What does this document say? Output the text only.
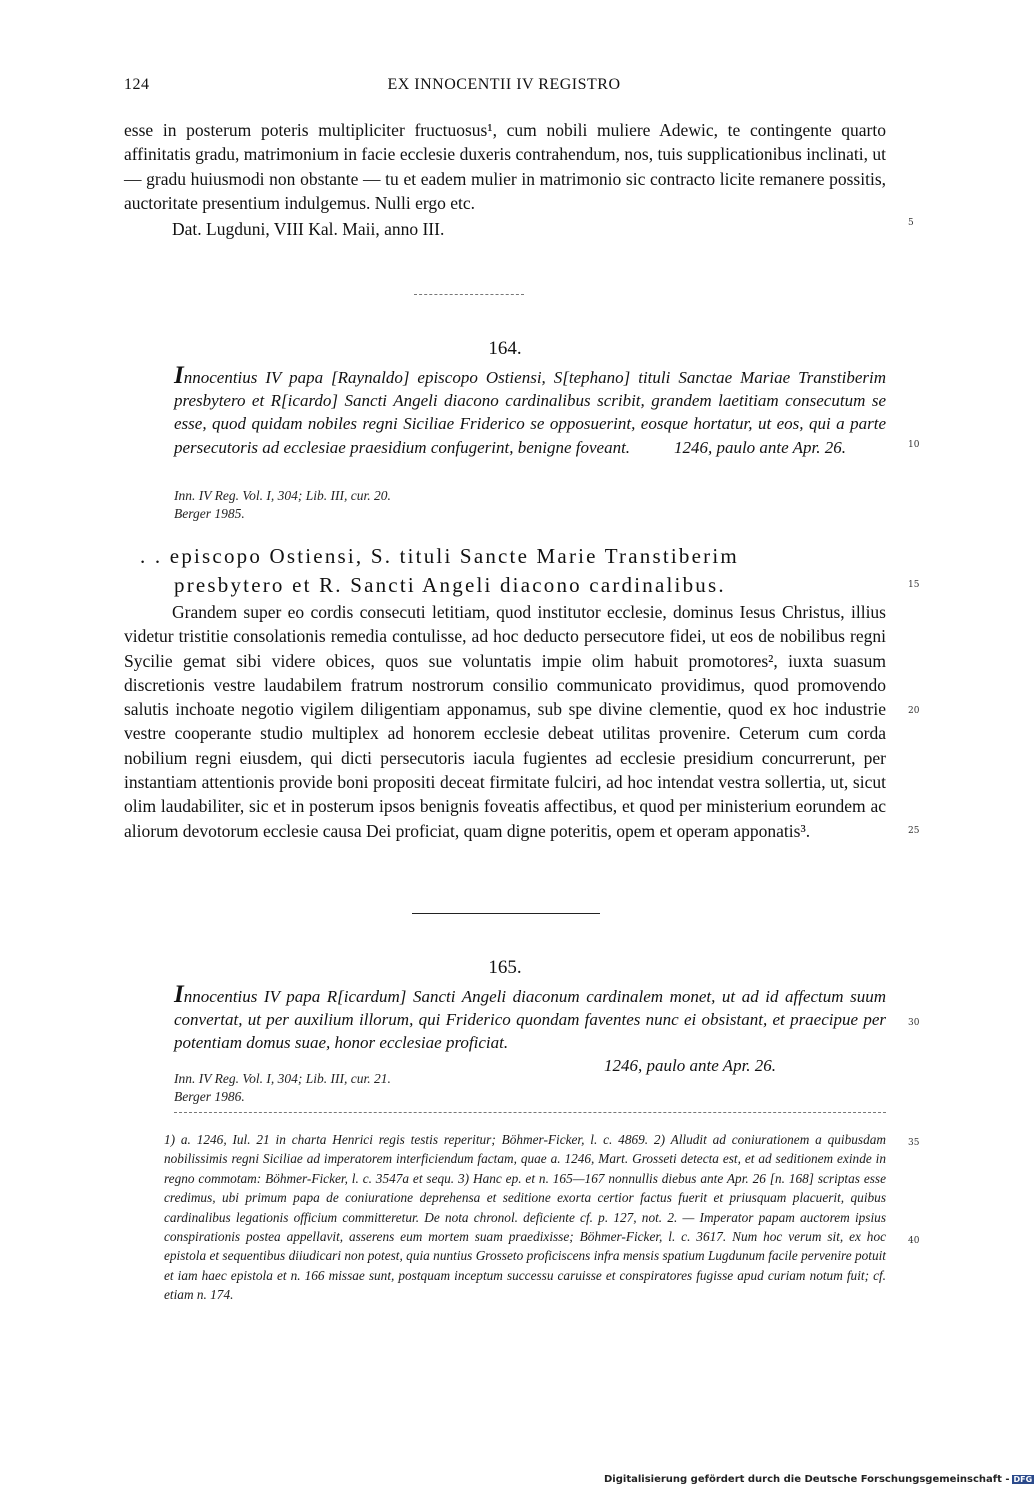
124	EX INNOCENTII IV REGISTRO

esse in posterum poteris multipliciter fructuosus¹, cum nobili muliere Adewic, te contingente quarto affinitatis gradu, matrimonium in facie ecclesie duxeris contrahendum, nos, tuis supplicationibus inclinati, ut — gradu huiusmodi non obstante — tu et eadem mulier in matrimonio sic contracto licite remanere possitis, auctoritate presentium indulgemus. Nulli ergo etc.

Dat. Lugduni, VIII Kal. Maii, anno III.

164.
Innocentius IV papa [Raynaldo] episcopo Ostiensi, S[tephano] tituli Sanctae Mariae Transtiberim presbytero et R[icardo] Sancti Angeli diacono cardinalibus scribit, grandem laetitiam consecutum se esse, quod quidam nobiles regni Siciliae Friderico se opposuerint, eosque hortatur, ut eos, qui a parte persecutoris ad ecclesiae praesidium confugerint, benigne foveant.	1246, paulo ante Apr. 26.
Inn. IV Reg. Vol. I, 304; Lib. III, cur. 20.
Berger 1985.
. . episcopo Ostiensi, S. tituli Sancte Marie Transtiberim
presbytero et R. Sancti Angeli diacono cardinalibus.

Grandem super eo cordis consecuti letitiam, quod institutor ecclesie, dominus Iesus Christus, illius videtur tristitie consolationis remedia contulisse, ad hoc deducto persecutore fidei, ut eos de nobilibus regni Sycilie gemat sibi videre obices, quos sue voluntatis impie olim habuit promotores², iuxta suasum discretionis vestre laudabilem fratrum nostrorum consilio communicato providimus, quod promovendo salutis inchoate negotio vigilem diligentiam apponamus, sub spe divine clementie, quod ex hoc industrie vestre cooperante studio multiplex ad honorem ecclesie debeat utilitas provenire. Ceterum cum corda nobilium regni eiusdem, qui dicti persecutoris iacula fugientes ad ecclesie presidium concurrerunt, per instantiam attentionis provide boni propositi deceat firmitate fulciri, ad hoc intendat vestra sollertia, ut, sicut olim laudabiliter, sic et in posterum ipsos benignis foveatis affectibus, et quod per ministerium eorundem ac aliorum devotorum ecclesie causa Dei proficiat, quam digne poteritis, opem et operam apponatis³.

165.
Innocentius IV papa R[icardum] Sancti Angeli diaconum cardinalem monet, ut ad id affectum suum convertat, ut per auxilium illorum, qui Friderico quondam faventes nunc ei obsistant, et praecipue per potentiam domus suae, honor ecclesiae proficiat.
1246, paulo ante Apr. 26.
Inn. IV Reg. Vol. I, 304; Lib. III, cur. 21.
Berger 1986.
1) a. 1246, Iul. 21 in charta Henrici regis testis reperitur; Böhmer-Ficker, l. c. 4869. 2) Alludit ad coniurationem a quibusdam nobilissimis regni Siciliae ad imperatorem interficiendum factam, quae a. 1246, Mart. Grosseti detecta est, et ad seditionem exinde in regno commotam: Böhmer-Ficker, l. c. 3547a et sequ. 3) Hanc ep. et n. 165—167 nonnullis diebus ante Apr. 26 [n. 168] scriptas esse credimus, ubi primum papa de coniuratione deprehensa et seditione exorta certior factus fuerit et priusquam placuerit, quibus cardinalibus legationis officium committeretur. De nota chronol. deficiente cf. p. 127, not. 2. — Imperator papam auctorem ipsius conspirationis postea appellavit, asserens eum mortem suam praedixisse; Böhmer-Ficker, l. c. 3617. Num hoc verum sit, ex hoc epistola et sequentibus diiudicari non potest, quia nuntius Grosseto proficiscens infra mensis spatium Lugdunum facile pervenire potuit et iam haec epistola et n. 166 missae sunt, postquam inceptum successu caruisse et conspiratores fugisse apud curiam notum fuit; cf. etiam n. 174.
5
10
15
20
25
30
35
40
Digitalisierung gefördert durch die Deutsche Forschungsgemeinschaft - DFG
